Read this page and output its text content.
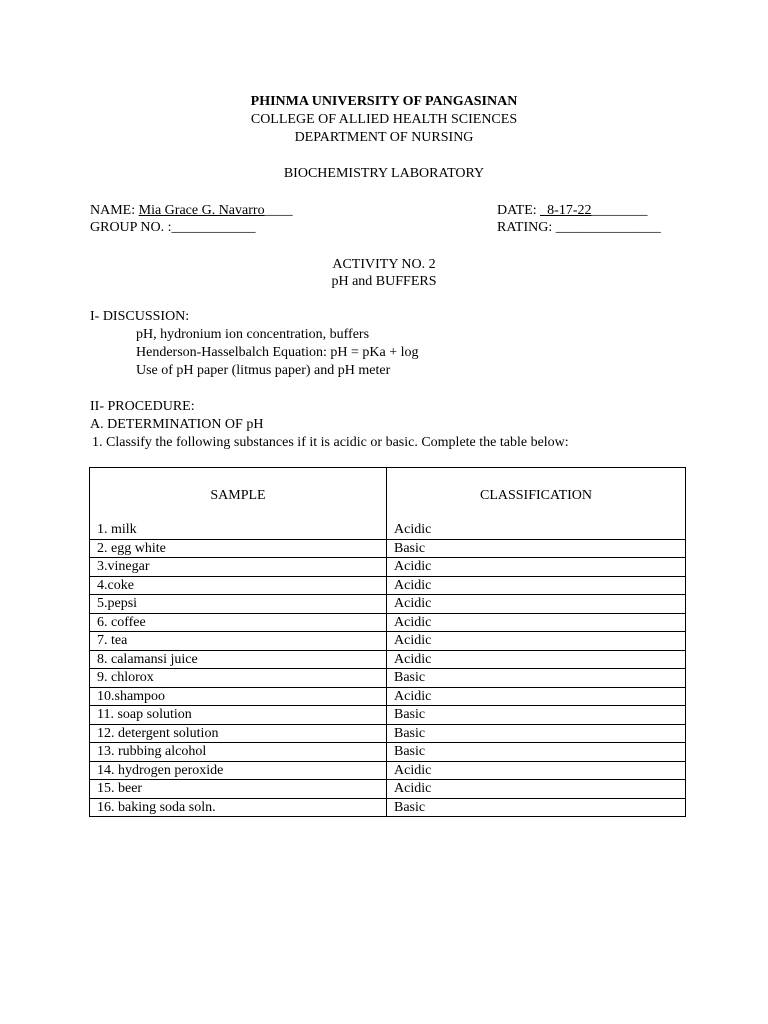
PHINMA UNIVERSITY OF PANGASINAN
COLLEGE OF ALLIED HEALTH SCIENCES
DEPARTMENT OF NURSING
BIOCHEMISTRY LABORATORY
NAME: Mia Grace G. Navarro____	DATE: _8-17-22________
GROUP NO. :____________	RATING: _______________
ACTIVITY NO. 2
pH and BUFFERS
I- DISCUSSION:
pH, hydronium ion concentration, buffers
Henderson-Hasselbalch Equation: pH = pKa + log
Use of pH paper (litmus paper) and pH meter
II- PROCEDURE:
A. DETERMINATION OF pH
1. Classify the following substances if it is acidic or basic. Complete the table below:
SAMPLE	CLASSIFICATION
1. milk	Acidic
2. egg white	Basic
3.vinegar	Acidic
4.coke	Acidic
5.pepsi	Acidic
6. coffee	Acidic
7. tea	Acidic
8. calamansi juice	Acidic
9. chlorox	Basic
10.shampoo	Acidic
11. soap solution	Basic
12. detergent solution	Basic
13. rubbing alcohol	Basic
14. hydrogen peroxide	Acidic
15. beer	Acidic
16. baking soda soln.	Basic
